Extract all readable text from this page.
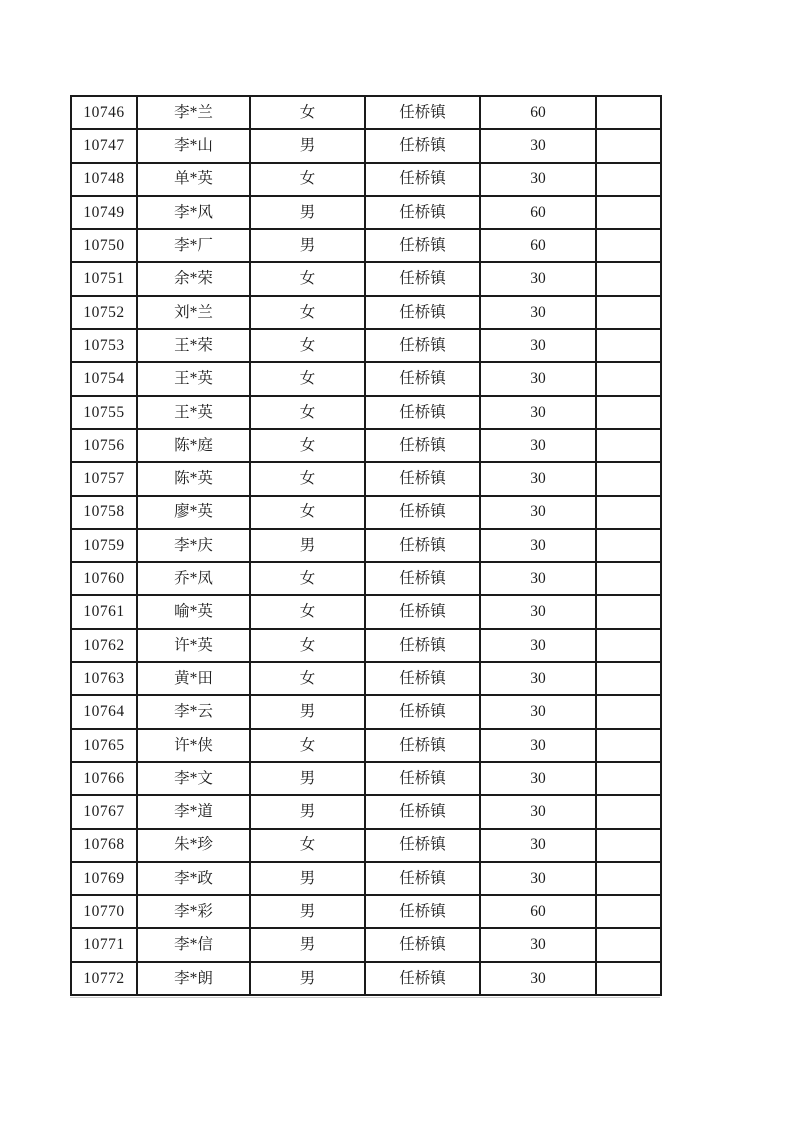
10746	李*兰	女	任桥镇	60	
10747	李*山	男	任桥镇	30	
10748	单*英	女	任桥镇	30	
10749	李*风	男	任桥镇	60	
10750	李*厂	男	任桥镇	60	
10751	余*荣	女	任桥镇	30	
10752	刘*兰	女	任桥镇	30	
10753	王*荣	女	任桥镇	30	
10754	王*英	女	任桥镇	30	
10755	王*英	女	任桥镇	30	
10756	陈*庭	女	任桥镇	30	
10757	陈*英	女	任桥镇	30	
10758	廖*英	女	任桥镇	30	
10759	李*庆	男	任桥镇	30	
10760	乔*凤	女	任桥镇	30	
10761	喻*英	女	任桥镇	30	
10762	许*英	女	任桥镇	30	
10763	黄*田	女	任桥镇	30	
10764	李*云	男	任桥镇	30	
10765	许*侠	女	任桥镇	30	
10766	李*文	男	任桥镇	30	
10767	李*道	男	任桥镇	30	
10768	朱*珍	女	任桥镇	30	
10769	李*政	男	任桥镇	30	
10770	李*彩	男	任桥镇	60	
10771	李*信	男	任桥镇	30	
10772	李*朗	男	任桥镇	30	
